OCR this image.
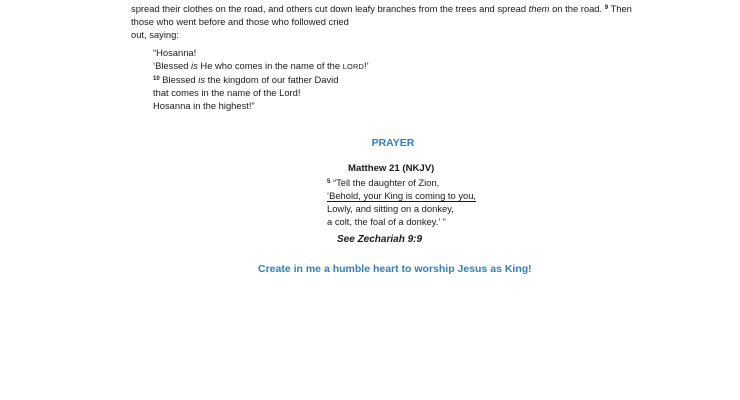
spread their clothes on the road, and others cut down leafy branches from the trees and spread them on the road. $^9$ Then
those who went before and those who followed cried
out, saying:
“Hosanna!
‘Blessed is He who comes in the name of the LORD!’
$^{10}$ Blessed is the kingdom of our father David
that comes in the name of the Lord!
Hosanna in the highest!”
PRAYER
Matthew 21 (NKJV)
$^5$ “Tell the daughter of Zion,
‘Behold, your King is coming to you,
Lowly, and sitting on a donkey,
a colt, the foal of a donkey.’ ”
See Zechariah 9:9
Create in me a humble heart to worship Jesus as King!
